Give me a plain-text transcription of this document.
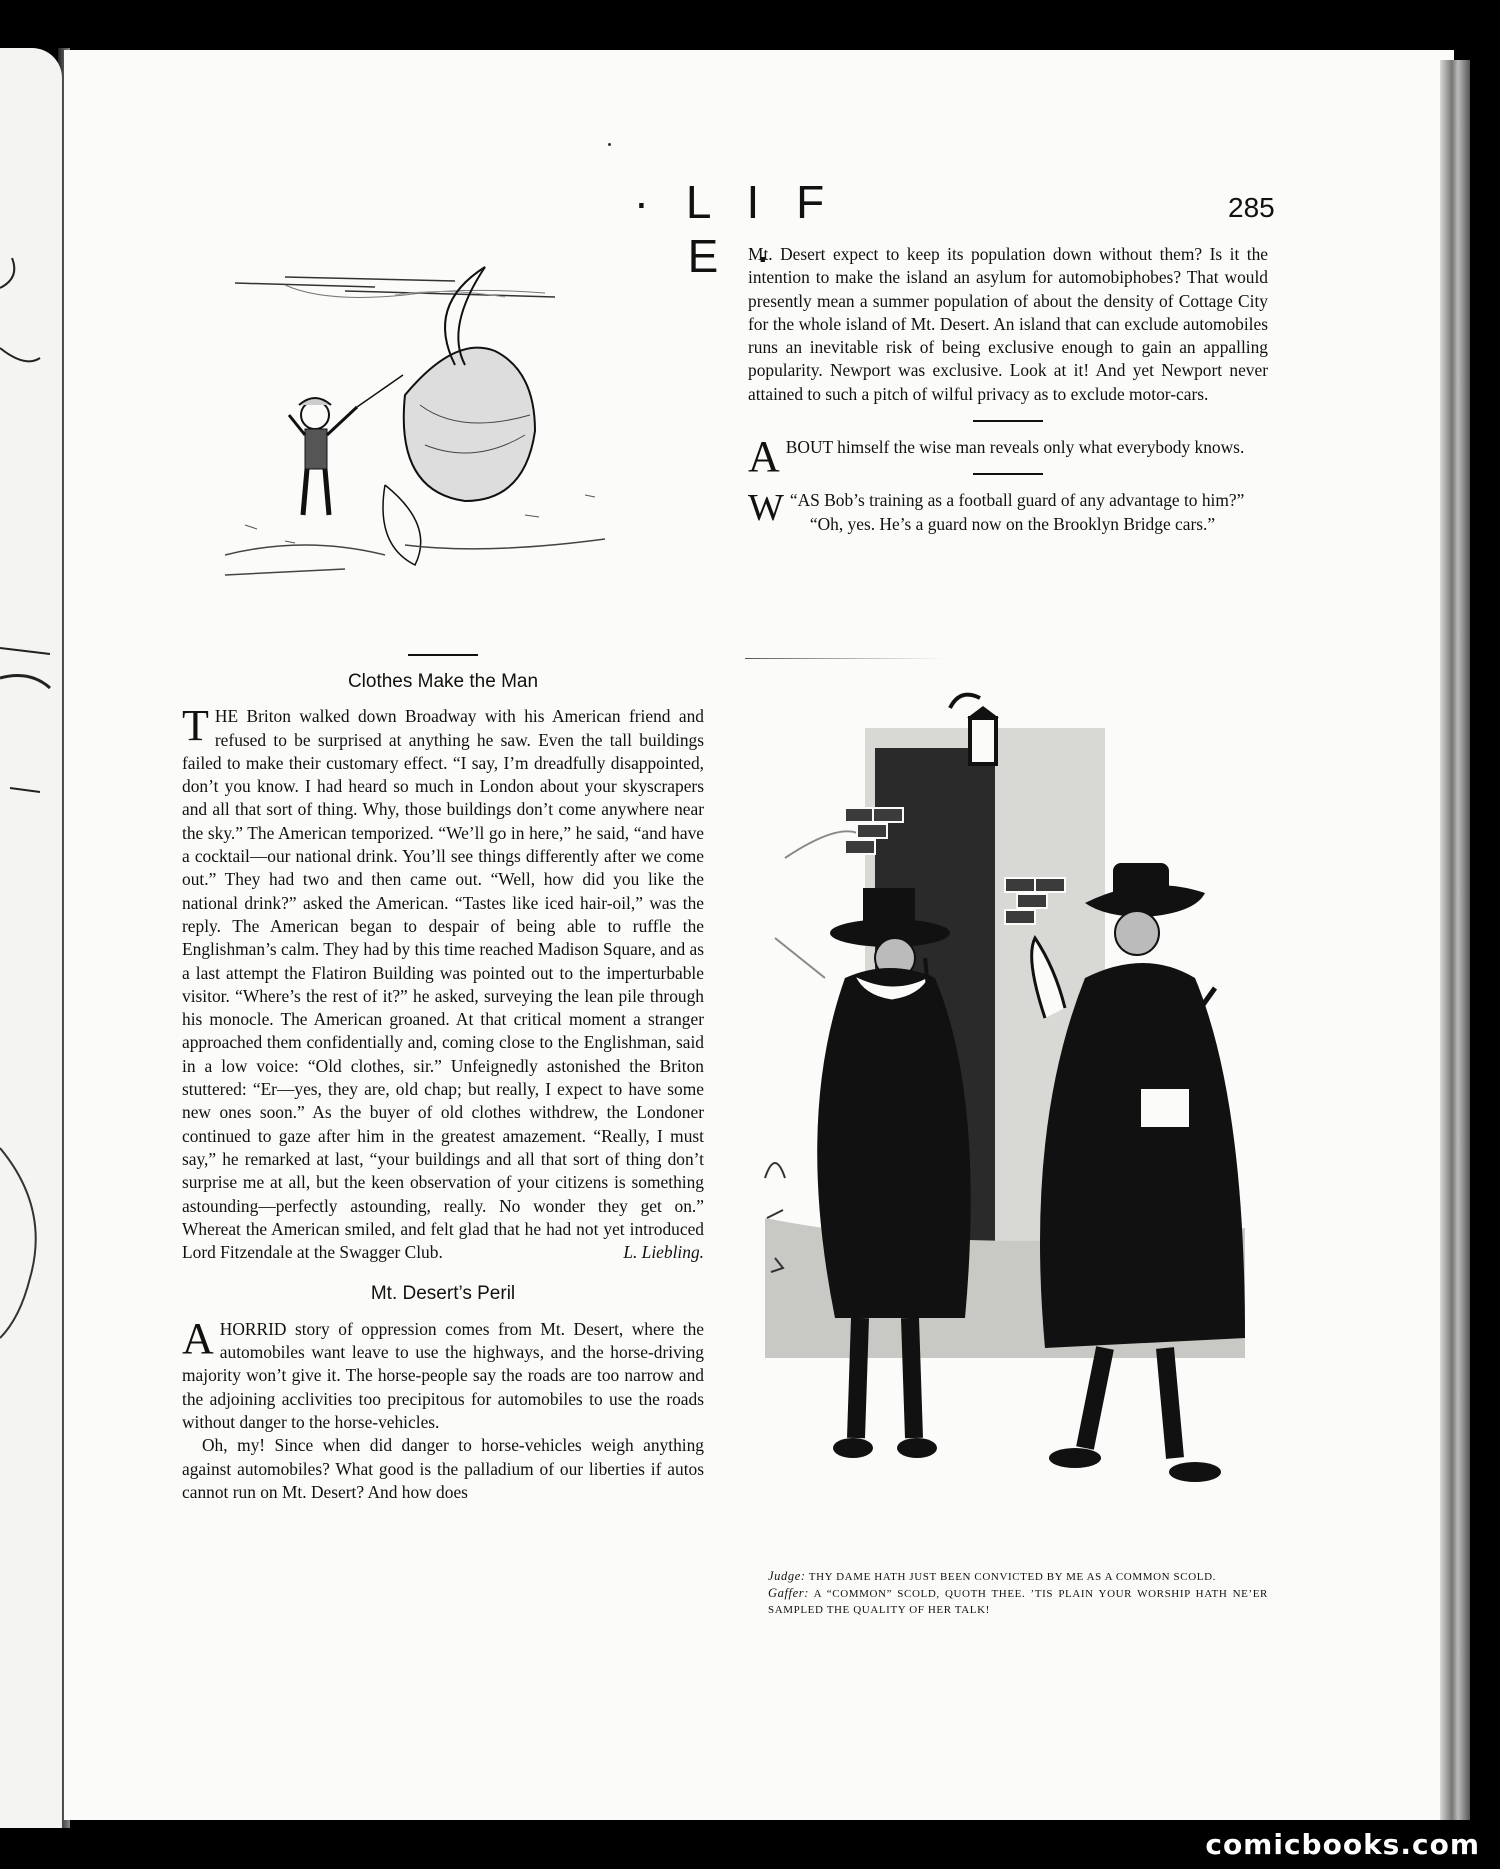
· L I F E ·
285
Clothes Make the Man

THE Briton walked down Broadway with his American friend and refused to be surprised at anything he saw. Even the tall buildings failed to make their customary effect. “I say, I’m dreadfully disappointed, don’t you know. I had heard so much in London about your skyscrapers and all that sort of thing. Why, those buildings don’t come anywhere near the sky.” The American temporized. “We’ll go in here,” he said, “and have a cocktail—our national drink. You’ll see things differently after we come out.” They had two and then came out. “Well, how did you like the national drink?” asked the American. “Tastes like iced hair-oil,” was the reply. The American began to despair of being able to ruffle the Englishman’s calm. They had by this time reached Madison Square, and as a last attempt the Flatiron Building was pointed out to the imperturbable visitor. “Where’s the rest of it?” he asked, surveying the lean pile through his monocle. The American groaned. At that critical moment a stranger approached them confidentially and, coming close to the Englishman, said in a low voice: “Old clothes, sir.” Unfeignedly astonished the Briton stuttered: “Er—yes, they are, old chap; but really, I expect to have some new ones soon.” As the buyer of old clothes withdrew, the Londoner continued to gaze after him in the greatest amazement. “Really, I must say,” he remarked at last, “your buildings and all that sort of thing don’t surprise me at all, but the keen observation of your citizens is something astounding—perfectly astounding, really. No wonder they get on.” Whereat the American smiled, and felt glad that he had not yet introduced Lord Fitzendale at the Swagger Club.	L. Liebling.

Mt. Desert’s Peril

A HORRID story of oppression comes from Mt. Desert, where the automobiles want leave to use the highways, and the horse-driving majority won’t give it. The horse-people say the roads are too narrow and the adjoining acclivities too precipitous for automobiles to use the roads without danger to the horse-vehicles.

Oh, my! Since when did danger to horse-vehicles weigh anything against automobiles? What good is the palladium of our liberties if autos cannot run on Mt. Desert? And how does

Mt. Desert expect to keep its population down without them? Is it the intention to make the island an asylum for automobiphobes? That would presently mean a summer population of about the density of Cottage City for the whole island of Mt. Desert. An island that can exclude automobiles runs an inevitable risk of being exclusive enough to gain an appalling popularity. Newport was exclusive. Look at it! And yet Newport never attained to such a pitch of wilful privacy as to exclude motor-cars.

ABOUT himself the wise man reveals only what everybody knows.

“
W AS Bob’s training as a football guard of any advantage to him?”

“Oh, yes. He’s a guard now on the Brooklyn Bridge cars.”

Judge: THY DAME HATH JUST BEEN CONVICTED BY ME AS A COMMON SCOLD.

Gaffer: A “COMMON” SCOLD, QUOTH THEE. ’TIS PLAIN YOUR WORSHIP HATH NE’ER SAMPLED THE QUALITY OF HER TALK!

comicbooks.com
